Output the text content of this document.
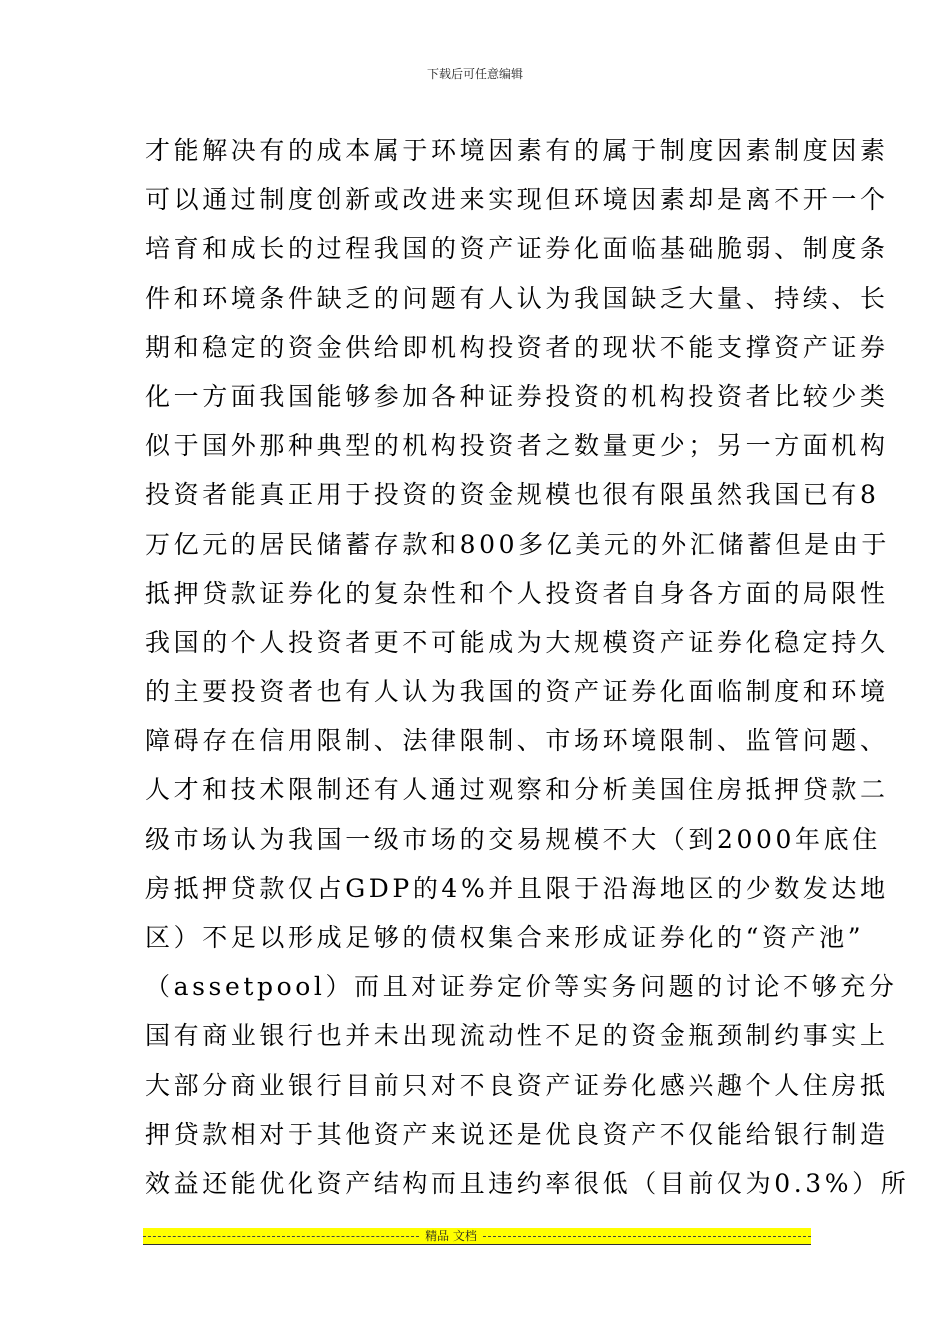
下载后可任意编辑
才能解决有的成本属于环境因素有的属于制度因素制度因素
可以通过制度创新或改进来实现但环境因素却是离不开一个
培育和成长的过程我国的资产证券化面临基础脆弱、制度条
件和环境条件缺乏的问题有人认为我国缺乏大量、持续、长
期和稳定的资金供给即机构投资者的现状不能支撑资产证券
化一方面我国能够参加各种证券投资的机构投资者比较少类
似于国外那种典型的机构投资者之数量更少；另一方面机构
投资者能真正用于投资的资金规模也很有限虽然我国已有8
万亿元的居民储蓄存款和800多亿美元的外汇储蓄但是由于
抵押贷款证券化的复杂性和个人投资者自身各方面的局限性
我国的个人投资者更不可能成为大规模资产证券化稳定持久
的主要投资者也有人认为我国的资产证券化面临制度和环境
障碍存在信用限制、法律限制、市场环境限制、监管问题、
人才和技术限制还有人通过观察和分析美国住房抵押贷款二
级市场认为我国一级市场的交易规模不大（到2000年底住
房抵押贷款仅占GDP的4%并且限于沿海地区的少数发达地
区）不足以形成足够的债权集合来形成证券化的“资产池”
（assetpool）而且对证券定价等实务问题的讨论不够充分
国有商业银行也并未出现流动性不足的资金瓶颈制约事实上
大部分商业银行目前只对不良资产证券化感兴趣个人住房抵
押贷款相对于其他资产来说还是优良资产不仅能给银行制造
效益还能优化资产结构而且违约率很低（目前仅为0.3%）所
精品 文档
